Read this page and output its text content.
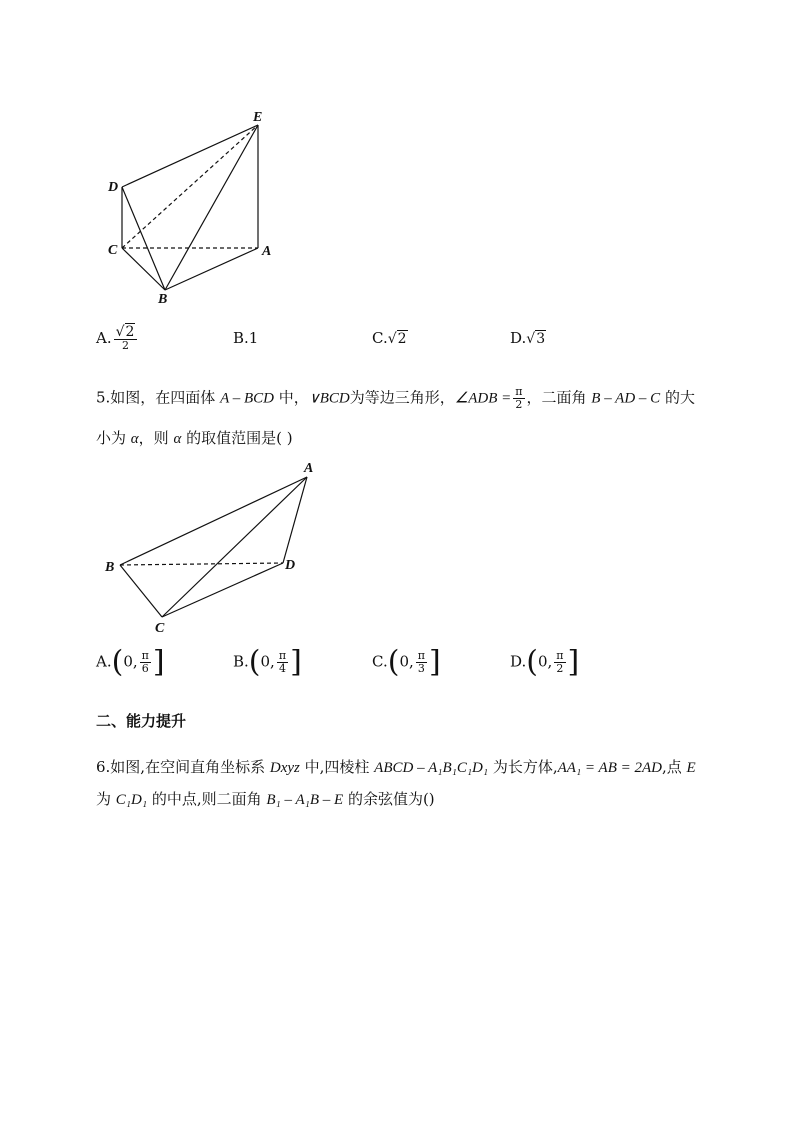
E
D
C	A
B
A. $\frac{√2}{2}$	B.1	C.√2	D.√3
5.如图，在四面体 A – BCD 中，∨BCD为等边三角形，∠ADB = $\frac{\pi}{2}$ ，二面角 B – AD – C 的大
小为 α，则 α 的取值范围是( )
A
B	D
C
A.(0, $\frac{\pi}{6}$ ]	B.(0, $\frac{\pi}{4}$ ]	C.(0, $\frac{\pi}{3}$ ]	D.(0, $\frac{\pi}{2}$ ]
二、能力提升
6.如图,在空间直角坐标系 Dxyz 中,四棱柱 ABCD – A₁B₁C₁D₁ 为长方体,AA₁ = AB = 2AD,点 E
为 C₁D₁ 的中点,则二面角 B₁ – A₁B – E 的余弦值为()
